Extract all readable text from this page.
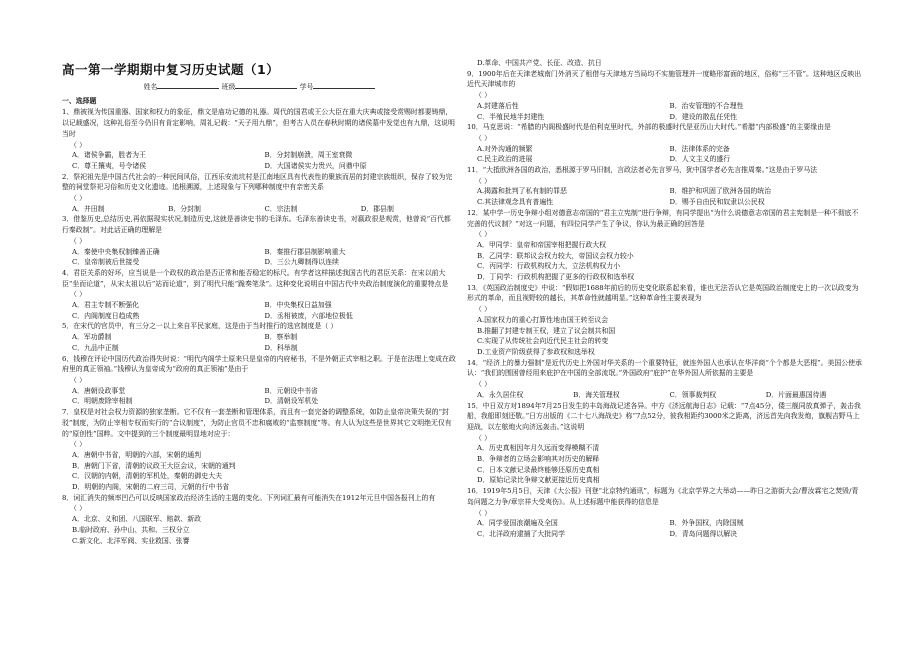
高一第一学期期中复习历史试题（1）
姓名	班级	学号
一、选择题
1、鼎被视为传国重器、国家和权力的象征，鼎文是庙功记德的礼器。周代的国君或王公大臣在重大庆典或接受赏赐时都要铸鼎，以记载盛况，这种礼俗至今仍旧有肯定影响，周礼记载：“天子用九鼎”，但考古人员在春秋时期的诸侯墓中发觉也有九鼎，这说明当时
（ ）
A．诸侯争霸，胜者为王	B．分封制崩溃，周王室衰微
C．尊王攘夷，号令诸侯	D．大国诸侯实力贵兴，问鼎中原
2．祭祀祖先是中国古代社会的一种民间风俗，江西乐安流坑村是江南地区具有代表性的聚族而居的封建宗族组织，保存了较为完整的祠堂祭祀习俗和历史文化遗迹。追根溯源，上述现象与下列哪种制度中有亲密关系
（ ）
A．井田制	B．分封制	C．宗法制	D．郡县制
3．借鉴历史,总结历史,再依据现实状况,制造历史,这就是善读史书的毛泽东。毛泽东善读史书，对嬴政很是观赏，他曾说“百代都行秦政制”。对此话正确的理解是
（ ）
A．秦使中央集权制臻善正确	B．秦推行郡县制影响重大
C．皇帝制被后世接受	D．三公九卿制得以连续
4．君臣关系的好坏，应当说是一个政权的政治是否正常和能否稳定的标尺。有学者这样描述我国古代的君臣关系：在宋以前大臣“坐而论道”，从宋太祖以后“站而论道”，到了明代只能“跪奏笔录”。这种变化说明自中国古代中央政治制度演化的重要特点是
（ ）
A．君主专制不断强化	B．中央集权日益加强
C．内阁制度日趋成熟	D．丞相被废，六部地位极低
5．在宋代的官员中，有三分之一以上来自平民家庭，这是由于当时推行的选官制度是（ ）
A．军功爵制	B．察举制
C．九品中正制	D．科举制
6．钱穆在评论中国历代政治得失时说：“明代内阁学士原来只是皇帝的内府秘书，不是外朝正式宰相之职。于是在法理上变成在政府里的真正领袖。”钱穆认为皇帝成为“政府的真正领袖”是由于
（ ）
A．唐朝设政事堂	B．元朝设中书省
C．明朝废除宰相制	D．清朝设军机处
7．皇权是对社会权力资源的独家垄断。它不仅有一套垄断和管理体系，而且有一套完备的调整系统，如防止皇帝决策失误的“封驳”制度，为防止宰相专权而实行的“合议制度”，为防止官员不忠和腐败的“监察制度”等。有人认为这些是世界其它文明绝无仅有的“原创性”国粹。文中提到的三个制度最明显地对应于：
（ ）
A．唐朝中书省，明朝的六部，宋朝的通判
B．唐朝门下省，清朝的议政王大臣会议，宋朝的通判
C．汉朝的内朝，清朝的军机处，秦朝的御史大夫
D．明朝的内阁，宋朝的二府三司，元朝的行中书省
8．词汇消失的频率凹凸可以反映国家政治经济生活的主题的变化。下列词汇最有可能消失在1912年元旦中国各报刊上的有
（ ）
A．北京、义和团、八国联军、赔款、新政
B.临时政府、孙中山、共和、三权分立
C.新文化、北洋军阀、实业救国、张謇
D.革命、中国共产党、长征、改造、抗日
9．1900年后在天津老城南门外消灭了租借与天津地方当局均不实施管理并一度略形富面的地区，俗称“三不管”。这种地区反映出近代天津城市的
（ ）
A.封建落后性	B．治安管理的不合理性
C．半殖民地半封建性	D．建设的散乱任凭性
10．马克思说：“希腊的内阁极盛时代是伯利克里时代，外部的极盛时代是亚历山大时代。”希腊“内部极盛”的主要缘由是
（ ）
A.对外沟通的频繁	B．法律体系的完备
C.民主政治的进展	D．人文主义的盛行
11．“大抵欧洲各国的政治，悉根源于罗马旧制，言政法者必先言罗马，犹中国学者必先言推周秦。”这是由于罗马法
（ ）
A.揭露和批判了私有制的罪恶	B．维护和巩固了欧洲各国的统治
C.其法律观念具有普遍性	D．赐予自由民和奴隶以公民权
12．某中学一历史争辩小组对德意志帝国的“君主立宪制”进行争辩，有同学提出“为什么说德意志帝国的君主宪制是一种不彻底不完善的代议制？”对这一问题，有四位同学产生了争议，你认为最正确的回答是
（ ）
A．甲同学：皇帝和帝国宰相把握行政大权
B．乙同学：联邦议会权力较大，帝国议会权力较小
C．丙同学：行政机构权力大，立法机构权力小
D．丁同学：行政机构把握了更多的行政权和选举权
13．《英国政治制度史》中说：“假如把1688年前后的历史变化联系起来看，谁也无法否认它是英国政治制度史上的一次以政变为形式的革命，而且视野较的越长，其革命性就越明显。”这种革命性主要表现为
（ ）
A.国家权力的重心打算性地由国王转至议会
B.推翻了封建专制王权，建立了议会制共和国
C.实现了从传统社会向近代民主社会的转变
D.工业资产阶级获得了参政权和选举权
14．“经济上的暴力强制”是近代历史上外国对华关系的一个重要特征，就连外国人也承认在华洋商“个个都是大恶棍”。美国公使承认：“我们的围困曾经用来庇护在中国的全部流氓。”外国政府“庇护”在华外国人所依据的主要是
（ ）
A．永久居住权	B．海关管理权	C．领事裁判权	D．片面最惠国待遇
15．中日双方对1894年7月25日发生的丰岛海战记述各异。中方《济远航海日志》记载：“7点45分，倭三舰同放真弹子，轰击我船，我船即刻还敬。”日方出版的《二十七八海战史》称“7点52分，彼我相距约3000米之距离，济远首先向我发炮，旗舰吉野马上迎战，以左舷炮火向济远轰击。”这说明
（ ）
A．历史真相因年月久远而变得模糊不清
B．争辩者的立场会影响其对历史的解释
C．日本文献记录最终能够还原历史真相
D．原始记录比争辩文献更接近历史真相
16．1919年5月5日，天津《大公报》刊登“北京特约通讯”，标题为《北京学界之大举动——昨日之游街大会/曹汝霖宅之焚毁/青岛问题之力争/章宗祥大受夷伤》。从上述标题中能获得的信息是
（ ）
A．同学爱国浪潮遍及全国	B．外争国权，内除国贼
C．北洋政府逮捕了大批同学	D．青岛问题得以解决
